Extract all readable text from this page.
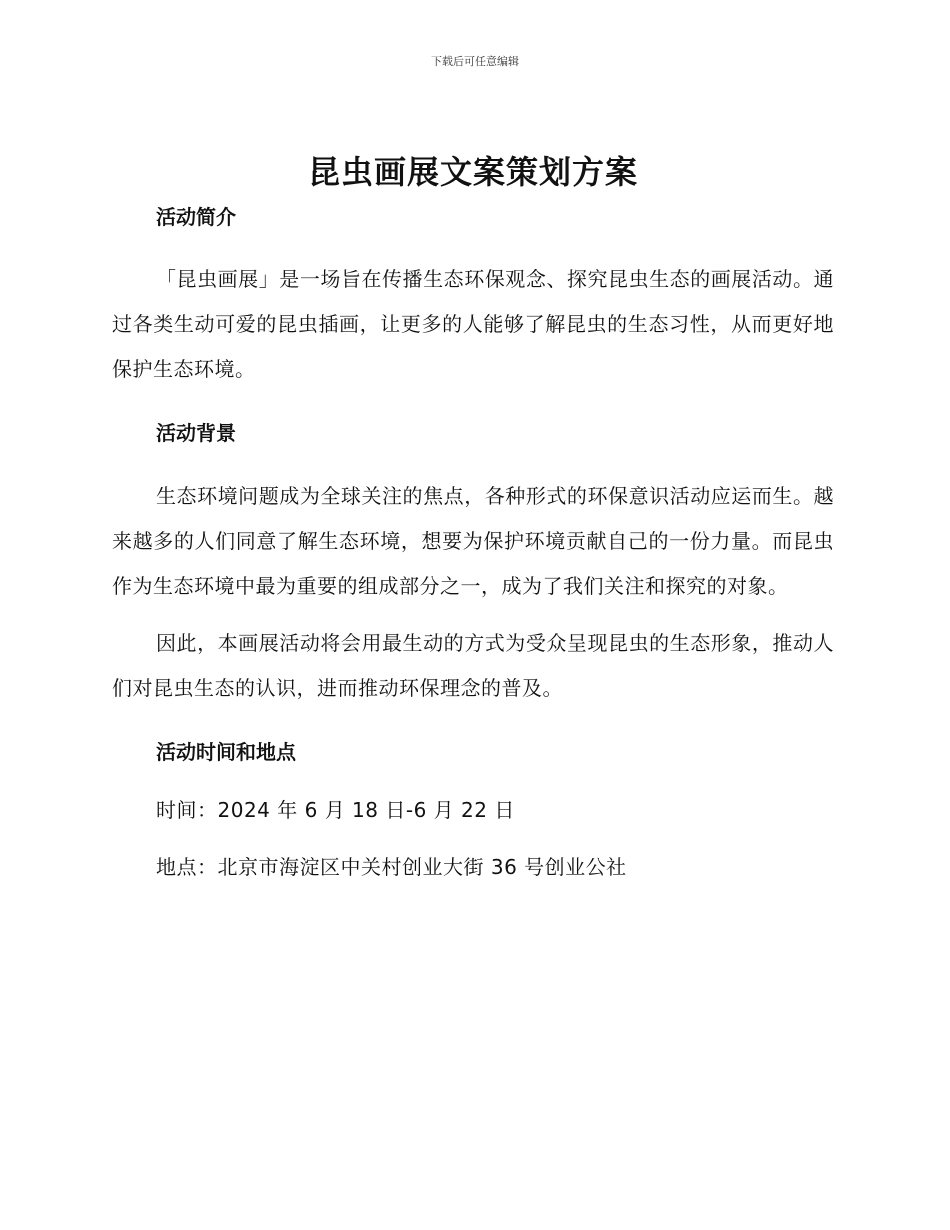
下载后可任意编辑
昆虫画展文案策划方案
活动简介

「昆虫画展」是一场旨在传播生态环保观念、探究昆虫生态的画展活动。通过各类生动可爱的昆虫插画，让更多的人能够了解昆虫的生态习性，从而更好地保护生态环境。

活动背景

生态环境问题成为全球关注的焦点，各种形式的环保意识活动应运而生。越来越多的人们同意了解生态环境，想要为保护环境贡献自己的一份力量。而昆虫作为生态环境中最为重要的组成部分之一，成为了我们关注和探究的对象。

因此，本画展活动将会用最生动的方式为受众呈现昆虫的生态形象，推动人们对昆虫生态的认识，进而推动环保理念的普及。

活动时间和地点

时间：2024 年 6 月 18 日-6 月 22 日

地点：北京市海淀区中关村创业大街 36 号创业公社
